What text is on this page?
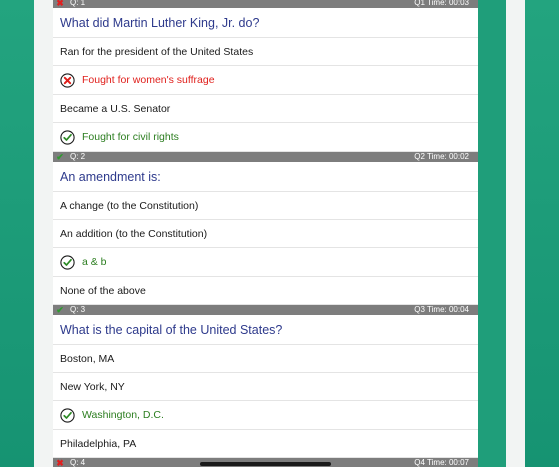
✖ Q: 1	Q1 Time: 00:03
What did Martin Luther King, Jr. do?
Ran for the president of the United States
Fought for women's suffrage
Became a U.S. Senator
Fought for civil rights
✔ Q: 2	Q2 Time: 00:02
An amendment is:
A change (to the Constitution)
An addition (to the Constitution)
a & b
None of the above
✔ Q: 3	Q3 Time: 00:04
What is the capital of the United States?
Boston, MA
New York, NY
Washington, D.C.
Philadelphia, PA
✖ Q: 4	Q4 Time: 00:07
